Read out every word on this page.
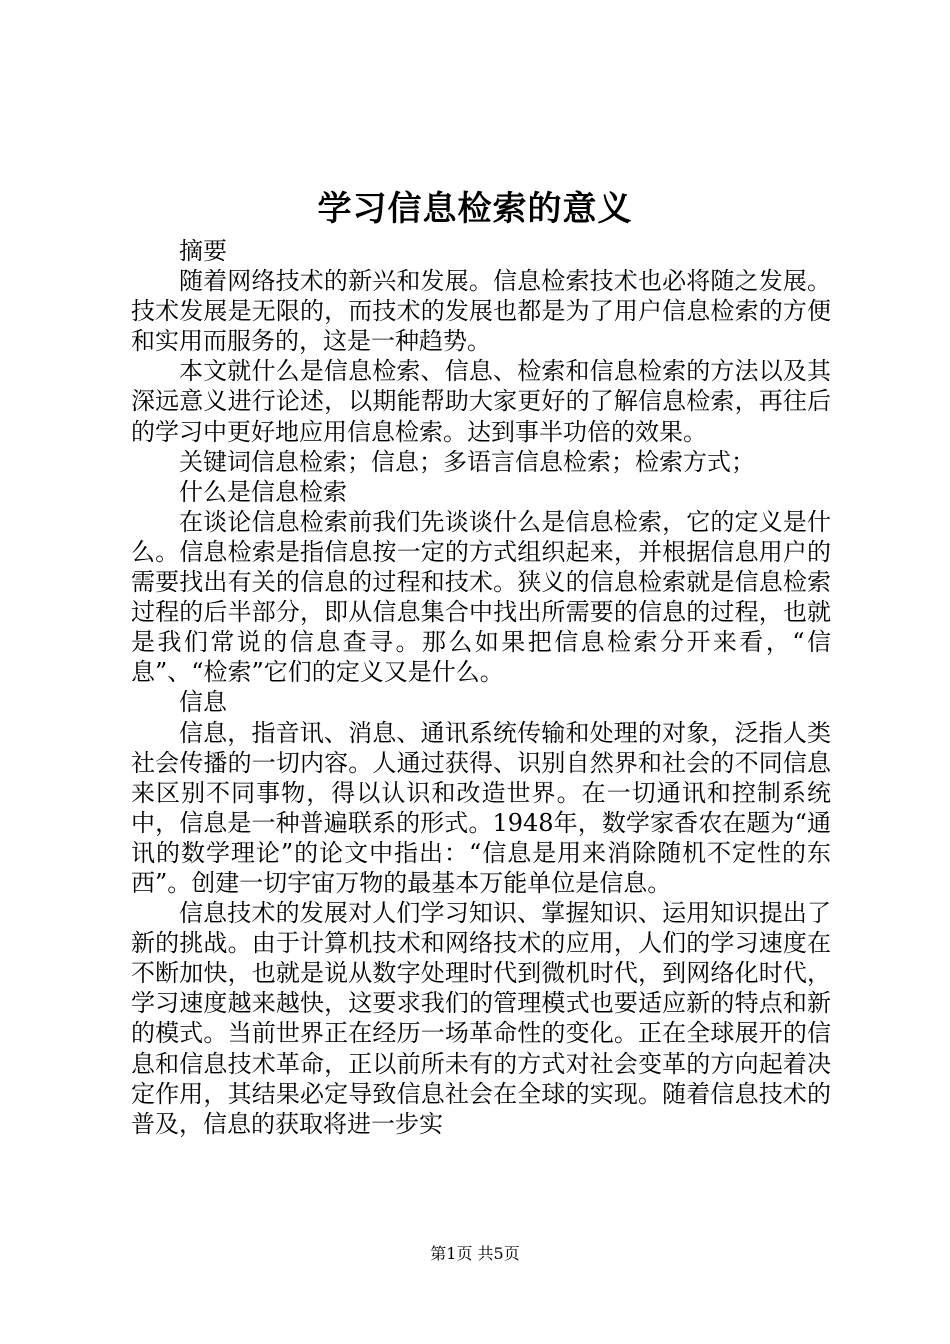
学习信息检索的意义

摘要

随着网络技术的新兴和发展。信息检索技术也必将随之发展。技术发展是无限的，而技术的发展也都是为了用户信息检索的方便和实用而服务的，这是一种趋势。

本文就什么是信息检索、信息、检索和信息检索的方法以及其深远意义进行论述，以期能帮助大家更好的了解信息检索，再往后的学习中更好地应用信息检索。达到事半功倍的效果。

关键词信息检索；信息；多语言信息检索；检索方式；

什么是信息检索

在谈论信息检索前我们先谈谈什么是信息检索，它的定义是什么。信息检索是指信息按一定的方式组织起来，并根据信息用户的需要找出有关的信息的过程和技术。狭义的信息检索就是信息检索过程的后半部分，即从信息集合中找出所需要的信息的过程，也就是我们常说的信息查寻。那么如果把信息检索分开来看，“信息”、“检索”它们的定义又是什么。

信息

信息，指音讯、消息、通讯系统传输和处理的对象，泛指人类社会传播的一切内容。人通过获得、识别自然界和社会的不同信息来区别不同事物，得以认识和改造世界。在一切通讯和控制系统中，信息是一种普遍联系的形式。1948年，数学家香农在题为“通讯的数学理论”的论文中指出：“信息是用来消除随机不定性的东西”。创建一切宇宙万物的最基本万能单位是信息。

信息技术的发展对人们学习知识、掌握知识、运用知识提出了新的挑战。由于计算机技术和网络技术的应用，人们的学习速度在不断加快，也就是说从数字处理时代到微机时代，到网络化时代，学习速度越来越快，这要求我们的管理模式也要适应新的特点和新的模式。当前世界正在经历一场革命性的变化。正在全球展开的信息和信息技术革命，正以前所未有的方式对社会变革的方向起着决定作用，其结果必定导致信息社会在全球的实现。随着信息技术的普及，信息的获取将进一步实

第1页 共5页
